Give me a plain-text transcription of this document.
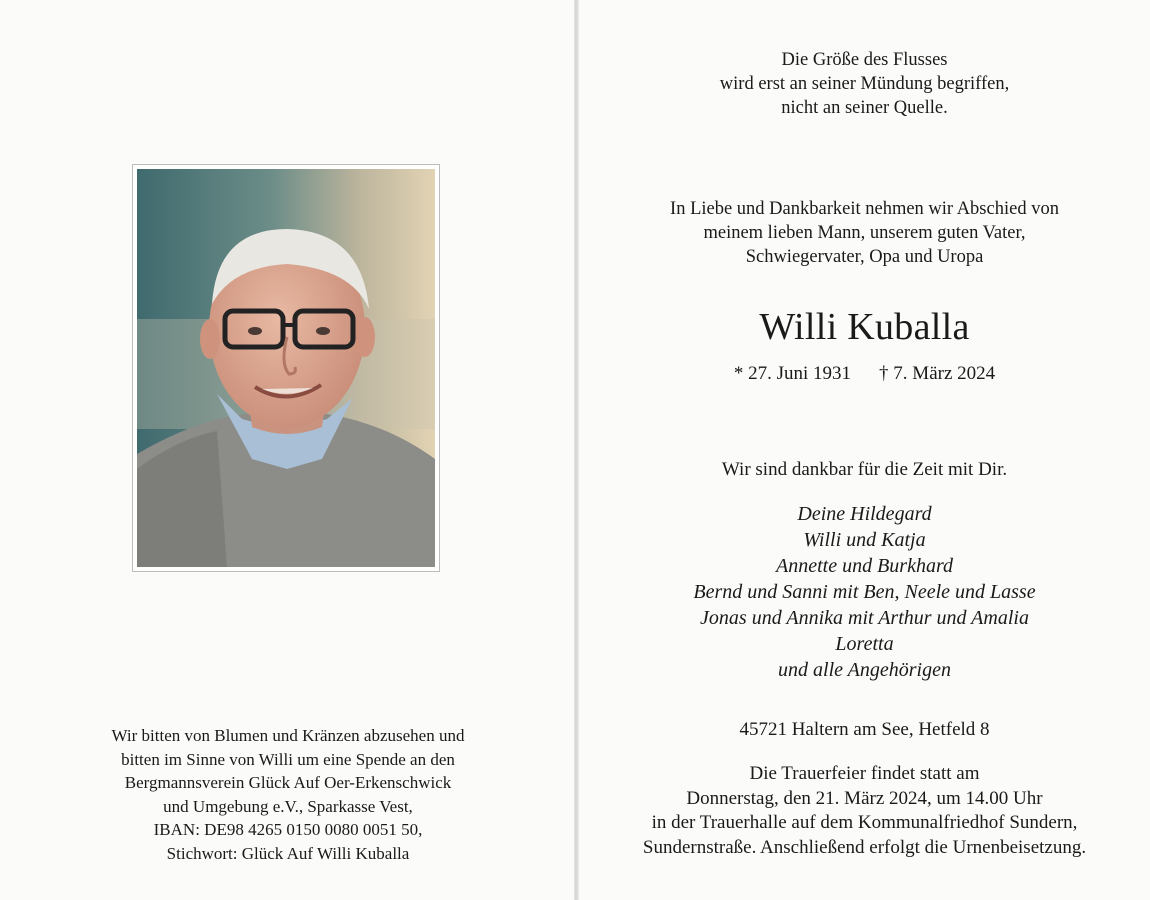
Wir bitten von Blumen und Kränzen abzusehen und
bitten im Sinne von Willi um eine Spende an den
Bergmannsverein Glück Auf Oer-Erkenschwick
und Umgebung e.V., Sparkasse Vest,
IBAN: DE98 4265 0150 0080 0051 50,
Stichwort: Glück Auf Willi Kuballa
Die Größe des Flusses
wird erst an seiner Mündung begriffen,
nicht an seiner Quelle.
In Liebe und Dankbarkeit nehmen wir Abschied von
meinem lieben Mann, unserem guten Vater,
Schwiegervater, Opa und Uropa
Willi Kuballa
* 27. Juni 1931 † 7. März 2024
Wir sind dankbar für die Zeit mit Dir.
Deine Hildegard
Willi und Katja
Annette und Burkhard
Bernd und Sanni mit Ben, Neele und Lasse
Jonas und Annika mit Arthur und Amalia
Loretta
und alle Angehörigen
45721 Haltern am See, Hetfeld 8
Die Trauerfeier findet statt am
Donnerstag, den 21. März 2024, um 14.00 Uhr
in der Trauerhalle auf dem Kommunalfriedhof Sundern,
Sundernstraße. Anschließend erfolgt die Urnenbeisetzung.
